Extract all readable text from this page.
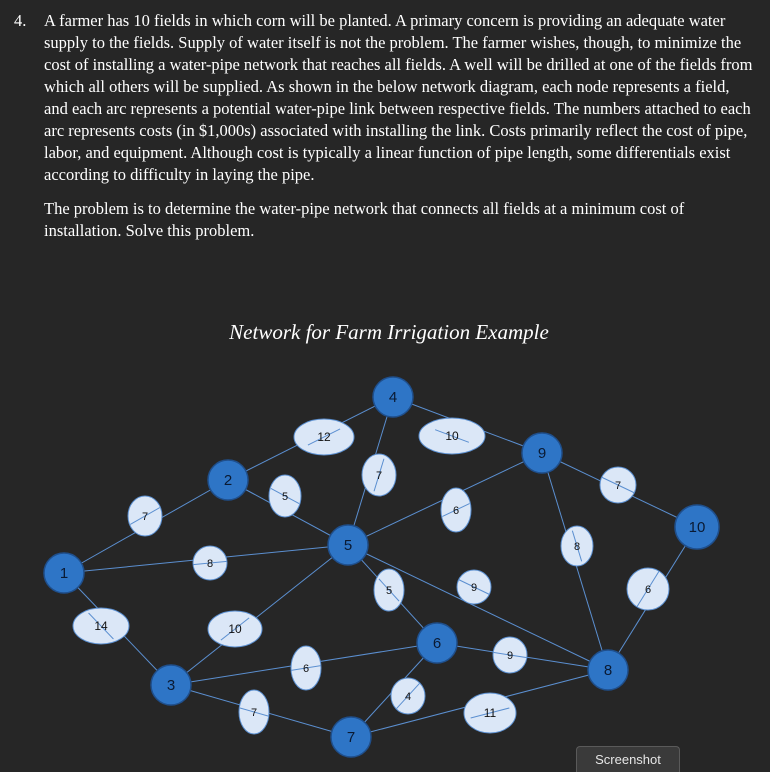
4. A farmer has 10 fields in which corn will be planted. A primary concern is providing an adequate water supply to the fields. Supply of water itself is not the problem. The farmer wishes, though, to minimize the cost of installing a water-pipe network that reaches all fields. A well will be drilled at one of the fields from which all others will be supplied. As shown in the below network diagram, each node represents a field, and each arc represents a potential water-pipe link between respective fields. The numbers attached to each arc represents costs (in $1,000s) associated with installing the link. Costs primarily reflect the cost of pipe, labor, and equipment. Although cost is typically a linear function of pipe length, some differentials exist according to difficulty in laying the pipe.
The problem is to determine the water-pipe network that connects all fields at a minimum cost of installation. Solve this problem.
Network for Farm Irrigation Example
7
8
14
12
5
10
7
10
6
5	9
6
7
4
9
11
7
8
6
1
2
3
4
5
6
7
8
9
10
Screenshot
